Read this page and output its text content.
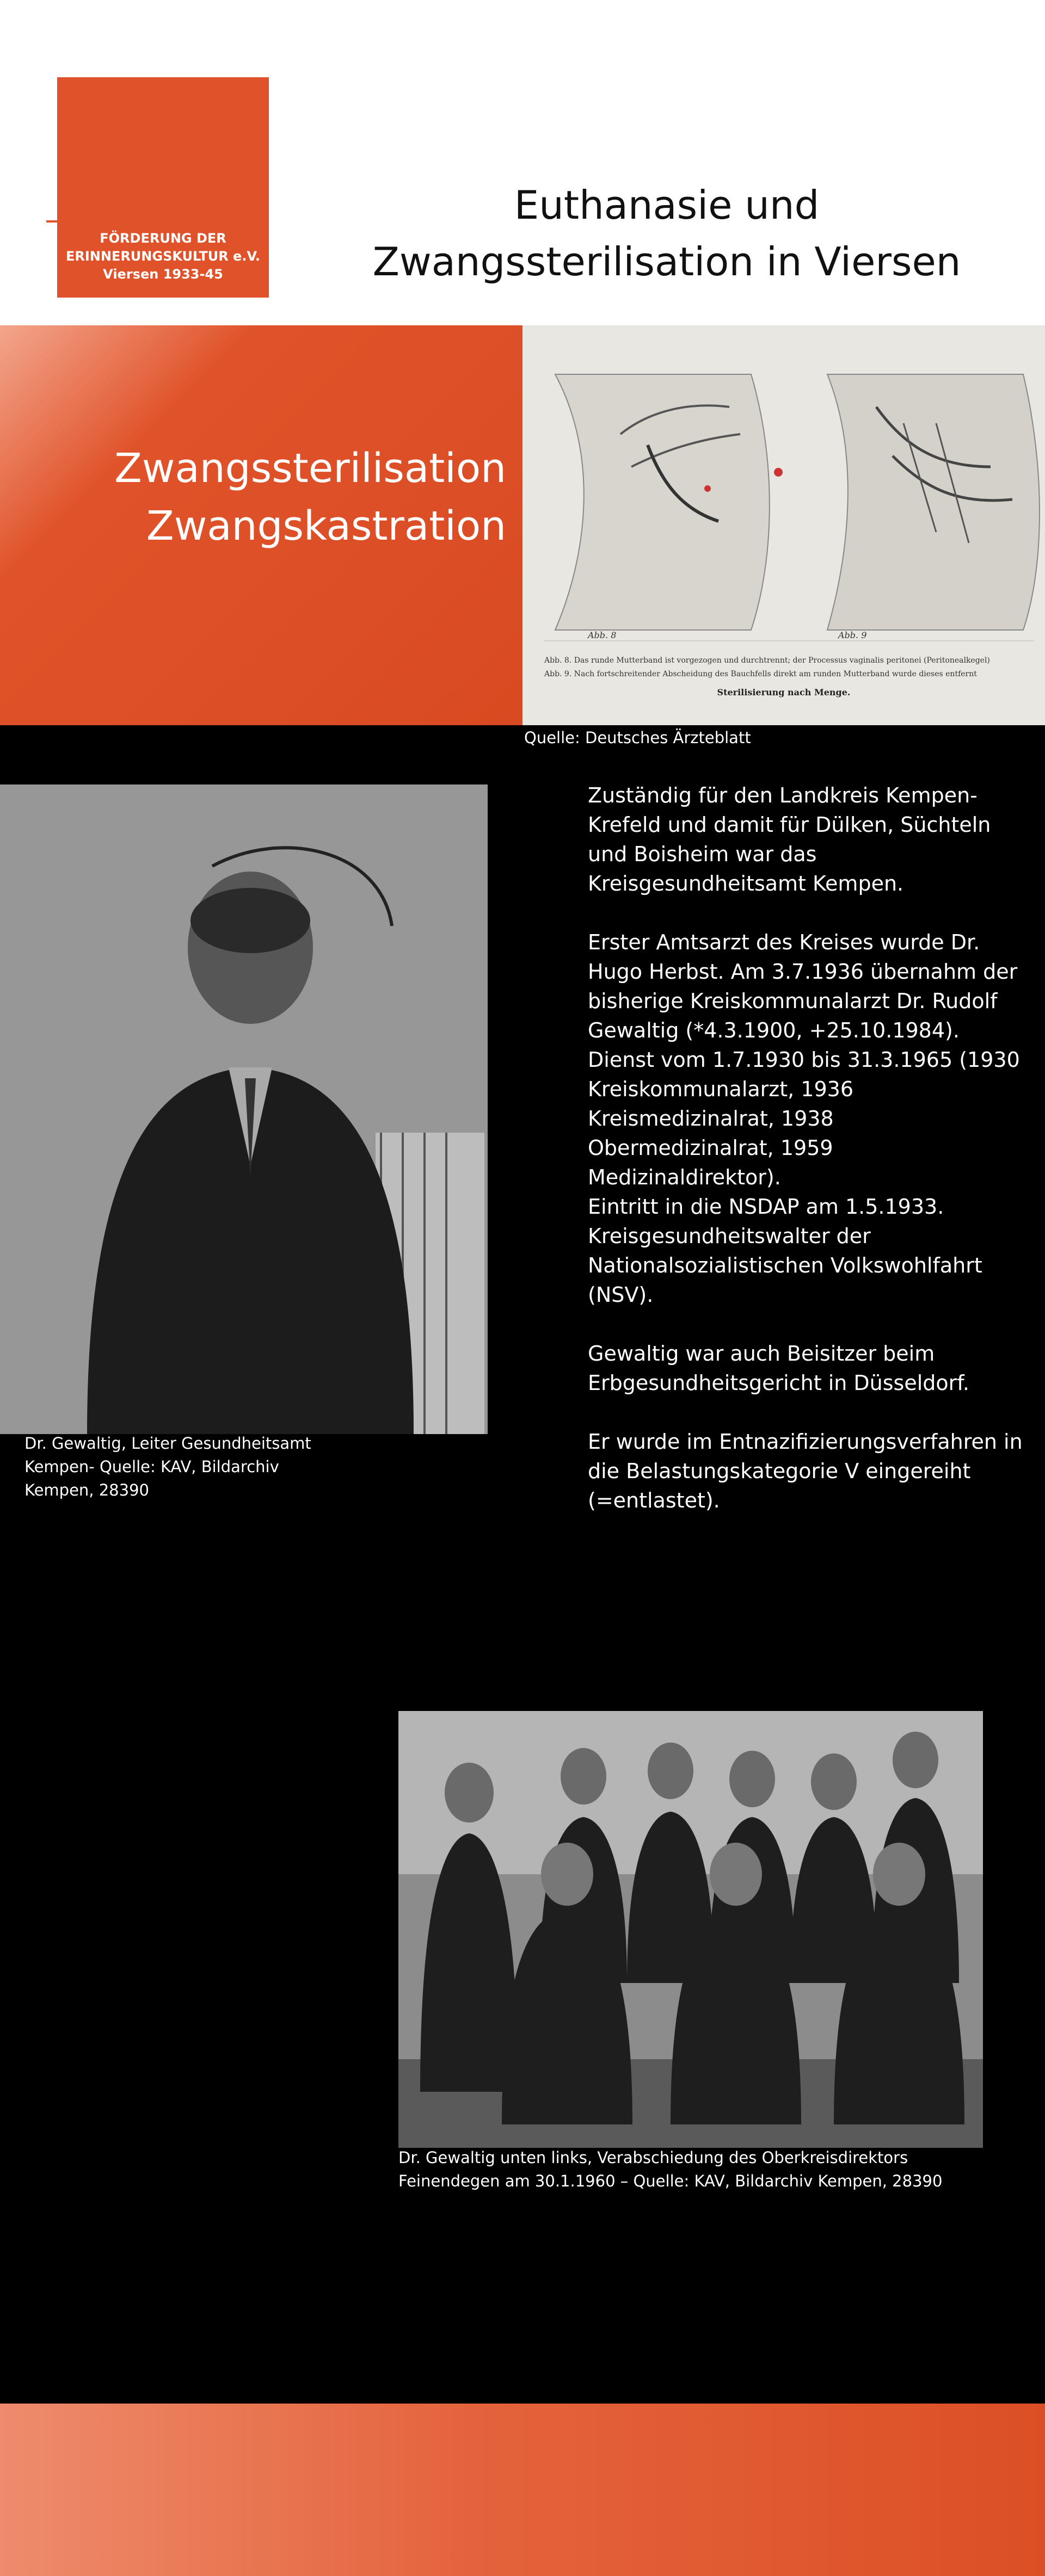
FÖRDERUNG DER
ERINNERUNGSKULTUR e.V.
Viersen 1933-45
Euthanasie und
Zwangssterilisation in Viersen
Zwangssterilisation
Zwangskastration
Abb. 8	Abb. 9
Abb. 8. Das runde Mutterband ist vorgezogen und durchtrennt; der Processus vaginalis peritonei (Peritonealkegel)
Abb. 9. Nach fortschreitender Abscheidung des Bauchfells direkt am runden Mutterband wurde dieses entfernt
Sterilisierung nach Menge.
Quelle: Deutsches Ärzteblatt
Dr. Gewaltig, Leiter Gesundheitsamt
Kempen- Quelle: KAV, Bildarchiv
Kempen, 28390

Zuständig für den Landkreis Kempen-Krefeld und damit für Dülken, Süchteln und Boisheim war das Kreisgesundheitsamt Kempen.

Erster Amtsarzt des Kreises wurde Dr. Hugo Herbst. Am 3.7.1936 übernahm der bisherige Kreiskommunalarzt Dr. Rudolf Gewaltig (*4.3.1900, +25.10.1984). Dienst vom 1.7.1930 bis 31.3.1965 (1930 Kreiskommunalarzt, 1936 Kreismedizinalrat, 1938 Obermedizinalrat, 1959 Medizinaldirektor).
Eintritt in die NSDAP am 1.5.1933.
Kreisgesundheitswalter der Nationalsozialistischen Volkswohlfahrt (NSV).

Gewaltig war auch Beisitzer beim Erbgesundheitsgericht in Düsseldorf.

Er wurde im Entnazifizierungsverfahren in die Belastungskategorie V eingereiht (=entlastet).

Dr. Gewaltig unten links, Verabschiedung des Oberkreisdirektors
Feinendegen am 30.1.1960 – Quelle: KAV, Bildarchiv Kempen, 28390
